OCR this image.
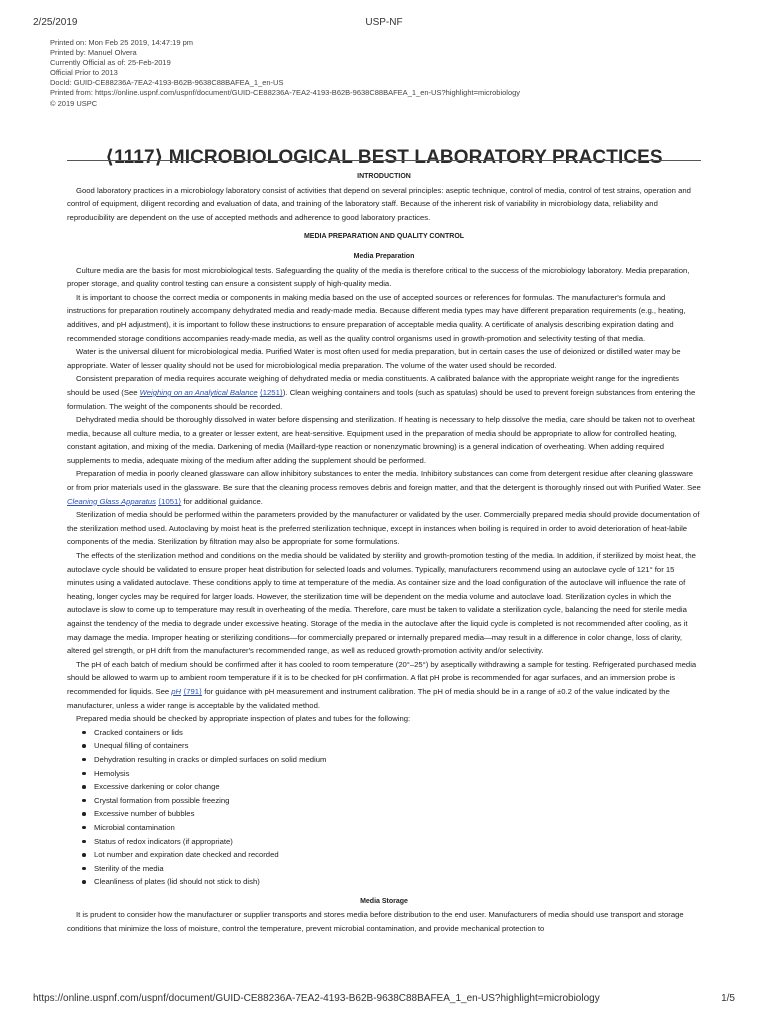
2/25/2019	USP-NF
Printed on: Mon Feb 25 2019, 14:47:19 pm
Printed by: Manuel Olvera
Currently Official as of: 25-Feb-2019
Official Prior to 2013
DocId: GUID-CE88236A-7EA2-4193-B62B-9638C88BAFEA_1_en-US
Printed from: https://online.uspnf.com/uspnf/document/GUID-CE88236A-7EA2-4193-B62B-9638C88BAFEA_1_en-US?highlight=microbiology
© 2019 USPC
⟨1117⟩ MICROBIOLOGICAL BEST LABORATORY PRACTICES
INTRODUCTION

Good laboratory practices in a microbiology laboratory consist of activities that depend on several principles: aseptic technique, control of media, control of test strains, operation and control of equipment, diligent recording and evaluation of data, and training of the laboratory staff. Because of the inherent risk of variability in microbiology data, reliability and reproducibility are dependent on the use of accepted methods and adherence to good laboratory practices.

MEDIA PREPARATION AND QUALITY CONTROL
Media Preparation

Culture media are the basis for most microbiological tests. Safeguarding the quality of the media is therefore critical to the success of the microbiology laboratory. Media preparation, proper storage, and quality control testing can ensure a consistent supply of high-quality media.

It is important to choose the correct media or components in making media based on the use of accepted sources or references for formulas. The manufacturer's formula and instructions for preparation routinely accompany dehydrated media and ready-made media. Because different media types may have different preparation requirements (e.g., heating, additives, and pH adjustment), it is important to follow these instructions to ensure preparation of acceptable media quality. A certificate of analysis describing expiration dating and recommended storage conditions accompanies ready-made media, as well as the quality control organisms used in growth-promotion and selectivity testing of that media.

Water is the universal diluent for microbiological media. Purified Water is most often used for media preparation, but in certain cases the use of deionized or distilled water may be appropriate. Water of lesser quality should not be used for microbiological media preparation. The volume of the water used should be recorded.

Consistent preparation of media requires accurate weighing of dehydrated media or media constituents. A calibrated balance with the appropriate weight range for the ingredients should be used (See Weighing on an Analytical Balance ⟨1251⟩). Clean weighing containers and tools (such as spatulas) should be used to prevent foreign substances from entering the formulation. The weight of the components should be recorded.

Dehydrated media should be thoroughly dissolved in water before dispensing and sterilization. If heating is necessary to help dissolve the media, care should be taken not to overheat media, because all culture media, to a greater or lesser extent, are heat-sensitive. Equipment used in the preparation of media should be appropriate to allow for controlled heating, constant agitation, and mixing of the media. Darkening of media (Maillard-type reaction or nonenzymatic browning) is a general indication of overheating. When adding required supplements to media, adequate mixing of the medium after adding the supplement should be performed.

Preparation of media in poorly cleaned glassware can allow inhibitory substances to enter the media. Inhibitory substances can come from detergent residue after cleaning glassware or from prior materials used in the glassware. Be sure that the cleaning process removes debris and foreign matter, and that the detergent is thoroughly rinsed out with Purified Water. See Cleaning Glass Apparatus ⟨1051⟩ for additional guidance.

Sterilization of media should be performed within the parameters provided by the manufacturer or validated by the user. Commercially prepared media should provide documentation of the sterilization method used. Autoclaving by moist heat is the preferred sterilization technique, except in instances when boiling is required in order to avoid deterioration of heat-labile components of the media. Sterilization by filtration may also be appropriate for some formulations.

The effects of the sterilization method and conditions on the media should be validated by sterility and growth-promotion testing of the media. In addition, if sterilized by moist heat, the autoclave cycle should be validated to ensure proper heat distribution for selected loads and volumes. Typically, manufacturers recommend using an autoclave cycle of 121° for 15 minutes using a validated autoclave. These conditions apply to time at temperature of the media. As container size and the load configuration of the autoclave will influence the rate of heating, longer cycles may be required for larger loads. However, the sterilization time will be dependent on the media volume and autoclave load. Sterilization cycles in which the autoclave is slow to come up to temperature may result in overheating of the media. Therefore, care must be taken to validate a sterilization cycle, balancing the need for sterile media against the tendency of the media to degrade under excessive heating. Storage of the media in the autoclave after the liquid cycle is completed is not recommended after cooling, as it may damage the media. Improper heating or sterilizing conditions—for commercially prepared or internally prepared media—may result in a difference in color change, loss of clarity, altered gel strength, or pH drift from the manufacturer's recommended range, as well as reduced growth-promotion activity and/or selectivity.

The pH of each batch of medium should be confirmed after it has cooled to room temperature (20°–25°) by aseptically withdrawing a sample for testing. Refrigerated purchased media should be allowed to warm up to ambient room temperature if it is to be checked for pH confirmation. A flat pH probe is recommended for agar surfaces, and an immersion probe is recommended for liquids. See pH ⟨791⟩ for guidance with pH measurement and instrument calibration. The pH of media should be in a range of ±0.2 of the value indicated by the manufacturer, unless a wider range is acceptable by the validated method.

Prepared media should be checked by appropriate inspection of plates and tubes for the following:

Cracked containers or lids
Unequal filling of containers
Dehydration resulting in cracks or dimpled surfaces on solid medium
Hemolysis
Excessive darkening or color change
Crystal formation from possible freezing
Excessive number of bubbles
Microbial contamination
Status of redox indicators (if appropriate)
Lot number and expiration date checked and recorded
Sterility of the media
Cleanliness of plates (lid should not stick to dish)
Media Storage

It is prudent to consider how the manufacturer or supplier transports and stores media before distribution to the end user. Manufacturers of media should use transport and storage conditions that minimize the loss of moisture, control the temperature, prevent microbial contamination, and provide mechanical protection to

https://online.uspnf.com/uspnf/document/GUID-CE88236A-7EA2-4193-B62B-9638C88BAFEA_1_en-US?highlight=microbiology	1/5
